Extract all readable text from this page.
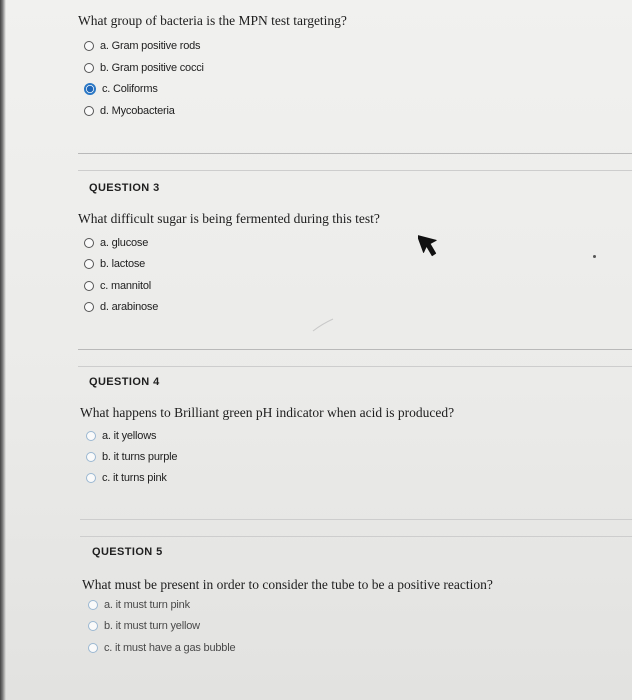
What group of bacteria is the MPN test targeting?
a. Gram positive rods
b. Gram positive cocci
c. Coliforms
d. Mycobacteria
QUESTION 3
What difficult sugar is being fermented during this test?
a. glucose
b. lactose
c. mannitol
d. arabinose
QUESTION 4
What happens to Brilliant green pH indicator when acid is produced?
a. it yellows
b. it turns purple
c. it turns pink
QUESTION 5
What must be present in order to consider the tube to be a positive reaction?
a. it must turn pink
b. it must turn yellow
c. it must have a gas bubble
